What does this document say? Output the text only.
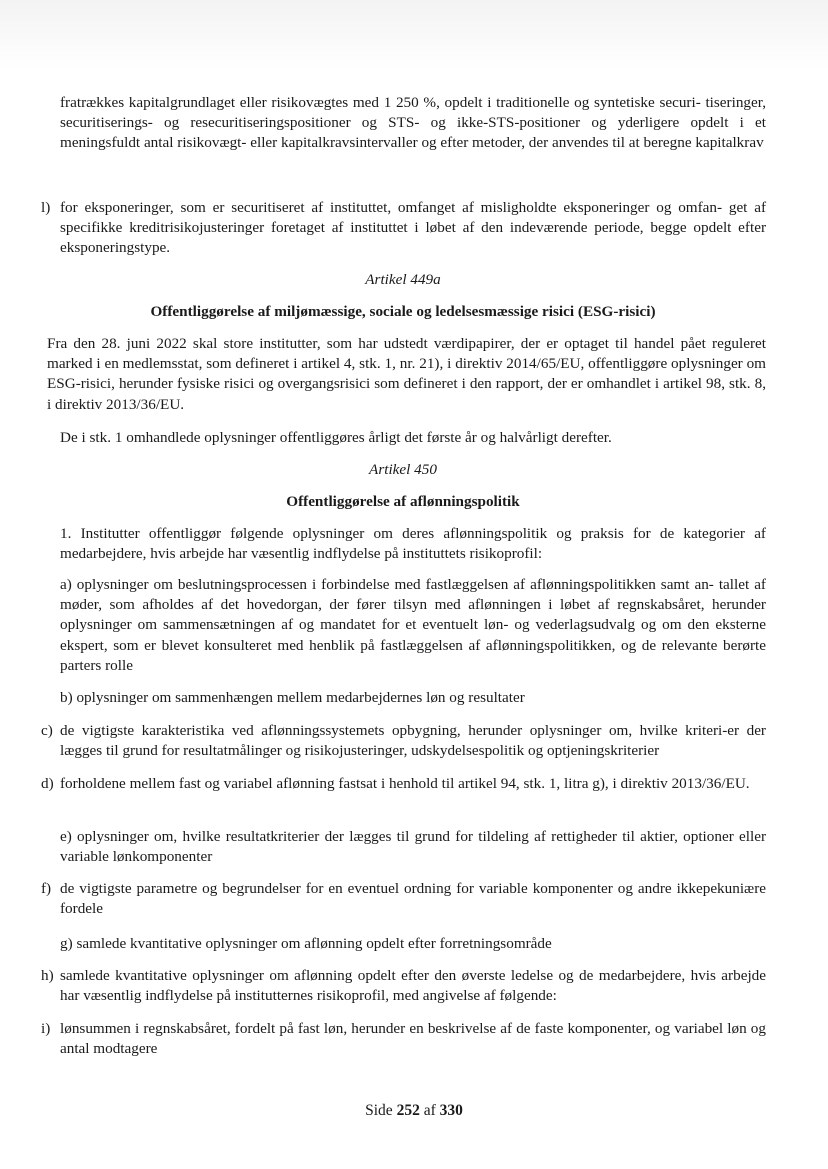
fratrækkes kapitalgrundlaget eller risikovægtes med 1 250 %, opdelt i traditionelle og syntetiske securi- tiseringer, securitiserings- og resecuritiseringspositioner og STS- og ikke-STS-positioner og yderligere opdelt i et meningsfuldt antal risikovægt- eller kapitalkravsintervaller og efter metoder, der anvendes til at beregne kapitalkrav
l) for eksponeringer, som er securitiseret af instituttet, omfanget af misligholdte eksponeringer og omfan- get af specifikke kreditrisikojusteringer foretaget af instituttet i løbet af den indeværende periode, begge opdelt efter eksponeringstype.
Artikel 449a
Offentliggørelse af miljømæssige, sociale og ledelsesmæssige risici (ESG-risici)
Fra den 28. juni 2022 skal store institutter, som har udstedt værdipapirer, der er optaget til handel pået reguleret marked i en medlemsstat, som defineret i artikel 4, stk. 1, nr. 21), i direktiv 2014/65/EU, offentliggøre oplysninger om ESG-risici, herunder fysiske risici og overgangsrisici som defineret i den rapport, der er omhandlet i artikel 98, stk. 8, i direktiv 2013/36/EU.
De i stk. 1 omhandlede oplysninger offentliggøres årligt det første år og halvårligt derefter.
Artikel 450
Offentliggørelse af aflønningspolitik
1. Institutter offentliggør følgende oplysninger om deres aflønningspolitik og praksis for de kategorier af medarbejdere, hvis arbejde har væsentlig indflydelse på instituttets risikoprofil:
a) oplysninger om beslutningsprocessen i forbindelse med fastlæggelsen af aflønningspolitikken samt an- tallet af møder, som afholdes af det hovedorgan, der fører tilsyn med aflønningen i løbet af regnskabsåret, herunder oplysninger om sammensætningen af og mandatet for et eventuelt løn- og vederlagsudvalg og om den eksterne ekspert, som er blevet konsulteret med henblik på fastlæggelsen af aflønningspolitikken, og de relevante berørte parters rolle
b) oplysninger om sammenhængen mellem medarbejdernes løn og resultater
c) de vigtigste karakteristika ved aflønningssystemets opbygning, herunder oplysninger om, hvilke kriteri-er der lægges til grund for resultatmålinger og risikojusteringer, udskydelsespolitik og optjeningskriterier
d) forholdene mellem fast og variabel aflønning fastsat i henhold til artikel 94, stk. 1, litra g), i direktiv 2013/36/EU.
e) oplysninger om, hvilke resultatkriterier der lægges til grund for tildeling af rettigheder til aktier, optioner eller variable lønkomponenter
f) de vigtigste parametre og begrundelser for en eventuel ordning for variable komponenter og andre ikkepekuniære fordele
g) samlede kvantitative oplysninger om aflønning opdelt efter forretningsområde
h) samlede kvantitative oplysninger om aflønning opdelt efter den øverste ledelse og de medarbejdere, hvis arbejde har væsentlig indflydelse på institutternes risikoprofil, med angivelse af følgende:
i) lønsummen i regnskabsåret, fordelt på fast løn, herunder en beskrivelse af de faste komponenter, og variabel løn og antal modtagere
Side 252 af 330
